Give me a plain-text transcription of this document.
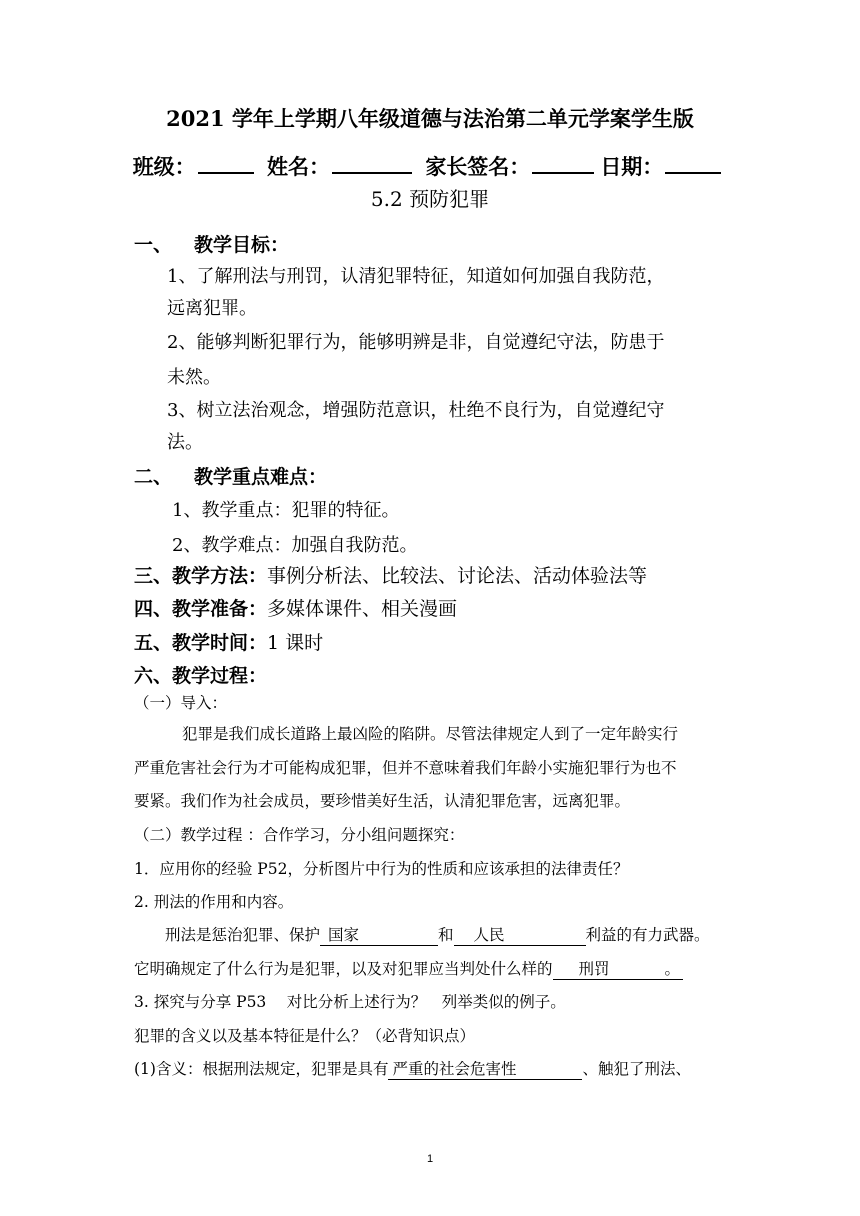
2021 学年上学期八年级道德与法治第二单元学案学生版
班级：	姓名：	家长签名：	日期：
5.2 预防犯罪
一、 教学目标：
1、了解刑法与刑罚，认清犯罪特征，知道如何加强自我防范，
远离犯罪。
2、能够判断犯罪行为，能够明辨是非，自觉遵纪守法，防患于
未然。
3、树立法治观念，增强防范意识，杜绝不良行为，自觉遵纪守
法。
二、 教学重点难点：
1、教学重点：犯罪的特征。
2、教学难点：加强自我防范。
三、教学方法：事例分析法、比较法、讨论法、活动体验法等
四、教学准备：多媒体课件、相关漫画
五、教学时间：1 课时
六、教学过程：
（一）导入：
犯罪是我们成长道路上最凶险的陷阱。尽管法律规定人到了一定年龄实行
严重危害社会行为才可能构成犯罪，但并不意味着我们年龄小实施犯罪行为也不
要紧。我们作为社会成员，要珍惜美好生活，认清犯罪危害，远离犯罪。
（二）教学过程 ：合作学习，分小组问题探究：
1．应用你的经验 P52，分析图片中行为的性质和应该承担的法律责任？
2. 刑法的作用和内容。
刑法是惩治犯罪、保护 国家	和 人民	利益的有力武器。
它明确规定了什么行为是犯罪，以及对犯罪应当判处什么样的 刑罚	。
3. 探究与分享 P53　 对比分析上述行为？　列举类似的例子。
犯罪的含义以及基本特征是什么？（必背知识点）
(1)含义：根据刑法规定，犯罪是具有 严重的社会危害性	、触犯了刑法、
1
